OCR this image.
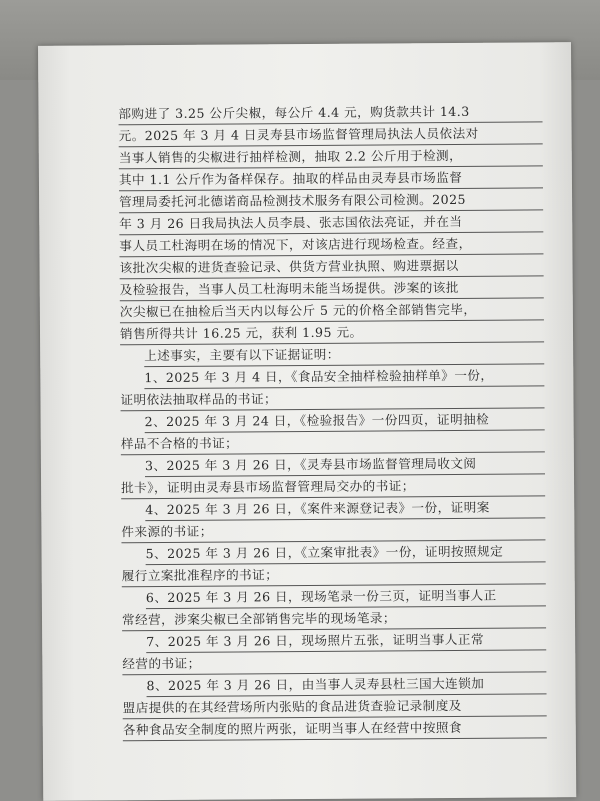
部购进了 3.25 公斤尖椒，每公斤 4.4 元，购货款共计 14.3
元。2025 年 3 月 4 日灵寿县市场监督管理局执法人员依法对
当事人销售的尖椒进行抽样检测，抽取 2.2 公斤用于检测，
其中 1.1 公斤作为备样保存。抽取的样品由灵寿县市场监督
管理局委托河北德诺商品检测技术服务有限公司检测。2025
年 3 月 26 日我局执法人员李晨、张志国依法亮证，并在当
事人员工杜海明在场的情况下，对该店进行现场检查。经查，
该批次尖椒的进货查验记录、供货方营业执照、购进票据以
及检验报告，当事人员工杜海明未能当场提供。涉案的该批
次尖椒已在抽检后当天内以每公斤 5 元的价格全部销售完毕，
销售所得共计 16.25 元，获利 1.95 元。
上述事实，主要有以下证据证明：
1、2025 年 3 月 4 日，《食品安全抽样检验抽样单》一份，
证明依法抽取样品的书证；
2、2025 年 3 月 24 日，《检验报告》一份四页，证明抽检
样品不合格的书证；
3、2025 年 3 月 26 日，《灵寿县市场监督管理局收文阅
批卡》，证明由灵寿县市场监督管理局交办的书证；
4、2025 年 3 月 26 日，《案件来源登记表》一份，证明案
件来源的书证；
5、2025 年 3 月 26 日，《立案审批表》一份，证明按照规定
履行立案批准程序的书证；
6、2025 年 3 月 26 日，现场笔录一份三页，证明当事人正
常经营，涉案尖椒已全部销售完毕的现场笔录；
7、2025 年 3 月 26 日，现场照片五张，证明当事人正常
经营的书证；
8、2025 年 3 月 26 日，由当事人灵寿县杜三国大连锁加
盟店提供的在其经营场所内张贴的食品进货查验记录制度及
各种食品安全制度的照片两张，证明当事人在经营中按照食
